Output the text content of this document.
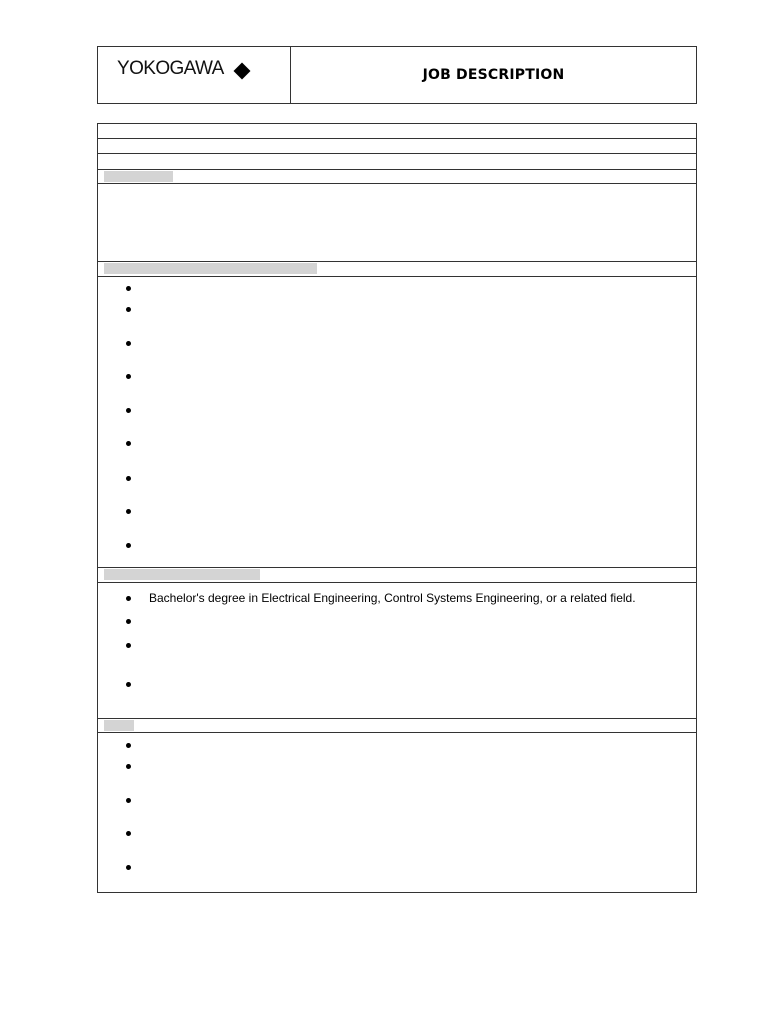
YOKOGAWA	JOB DESCRIPTION
Bachelor's degree in Electrical Engineering, Control Systems Engineering, or a related field.
